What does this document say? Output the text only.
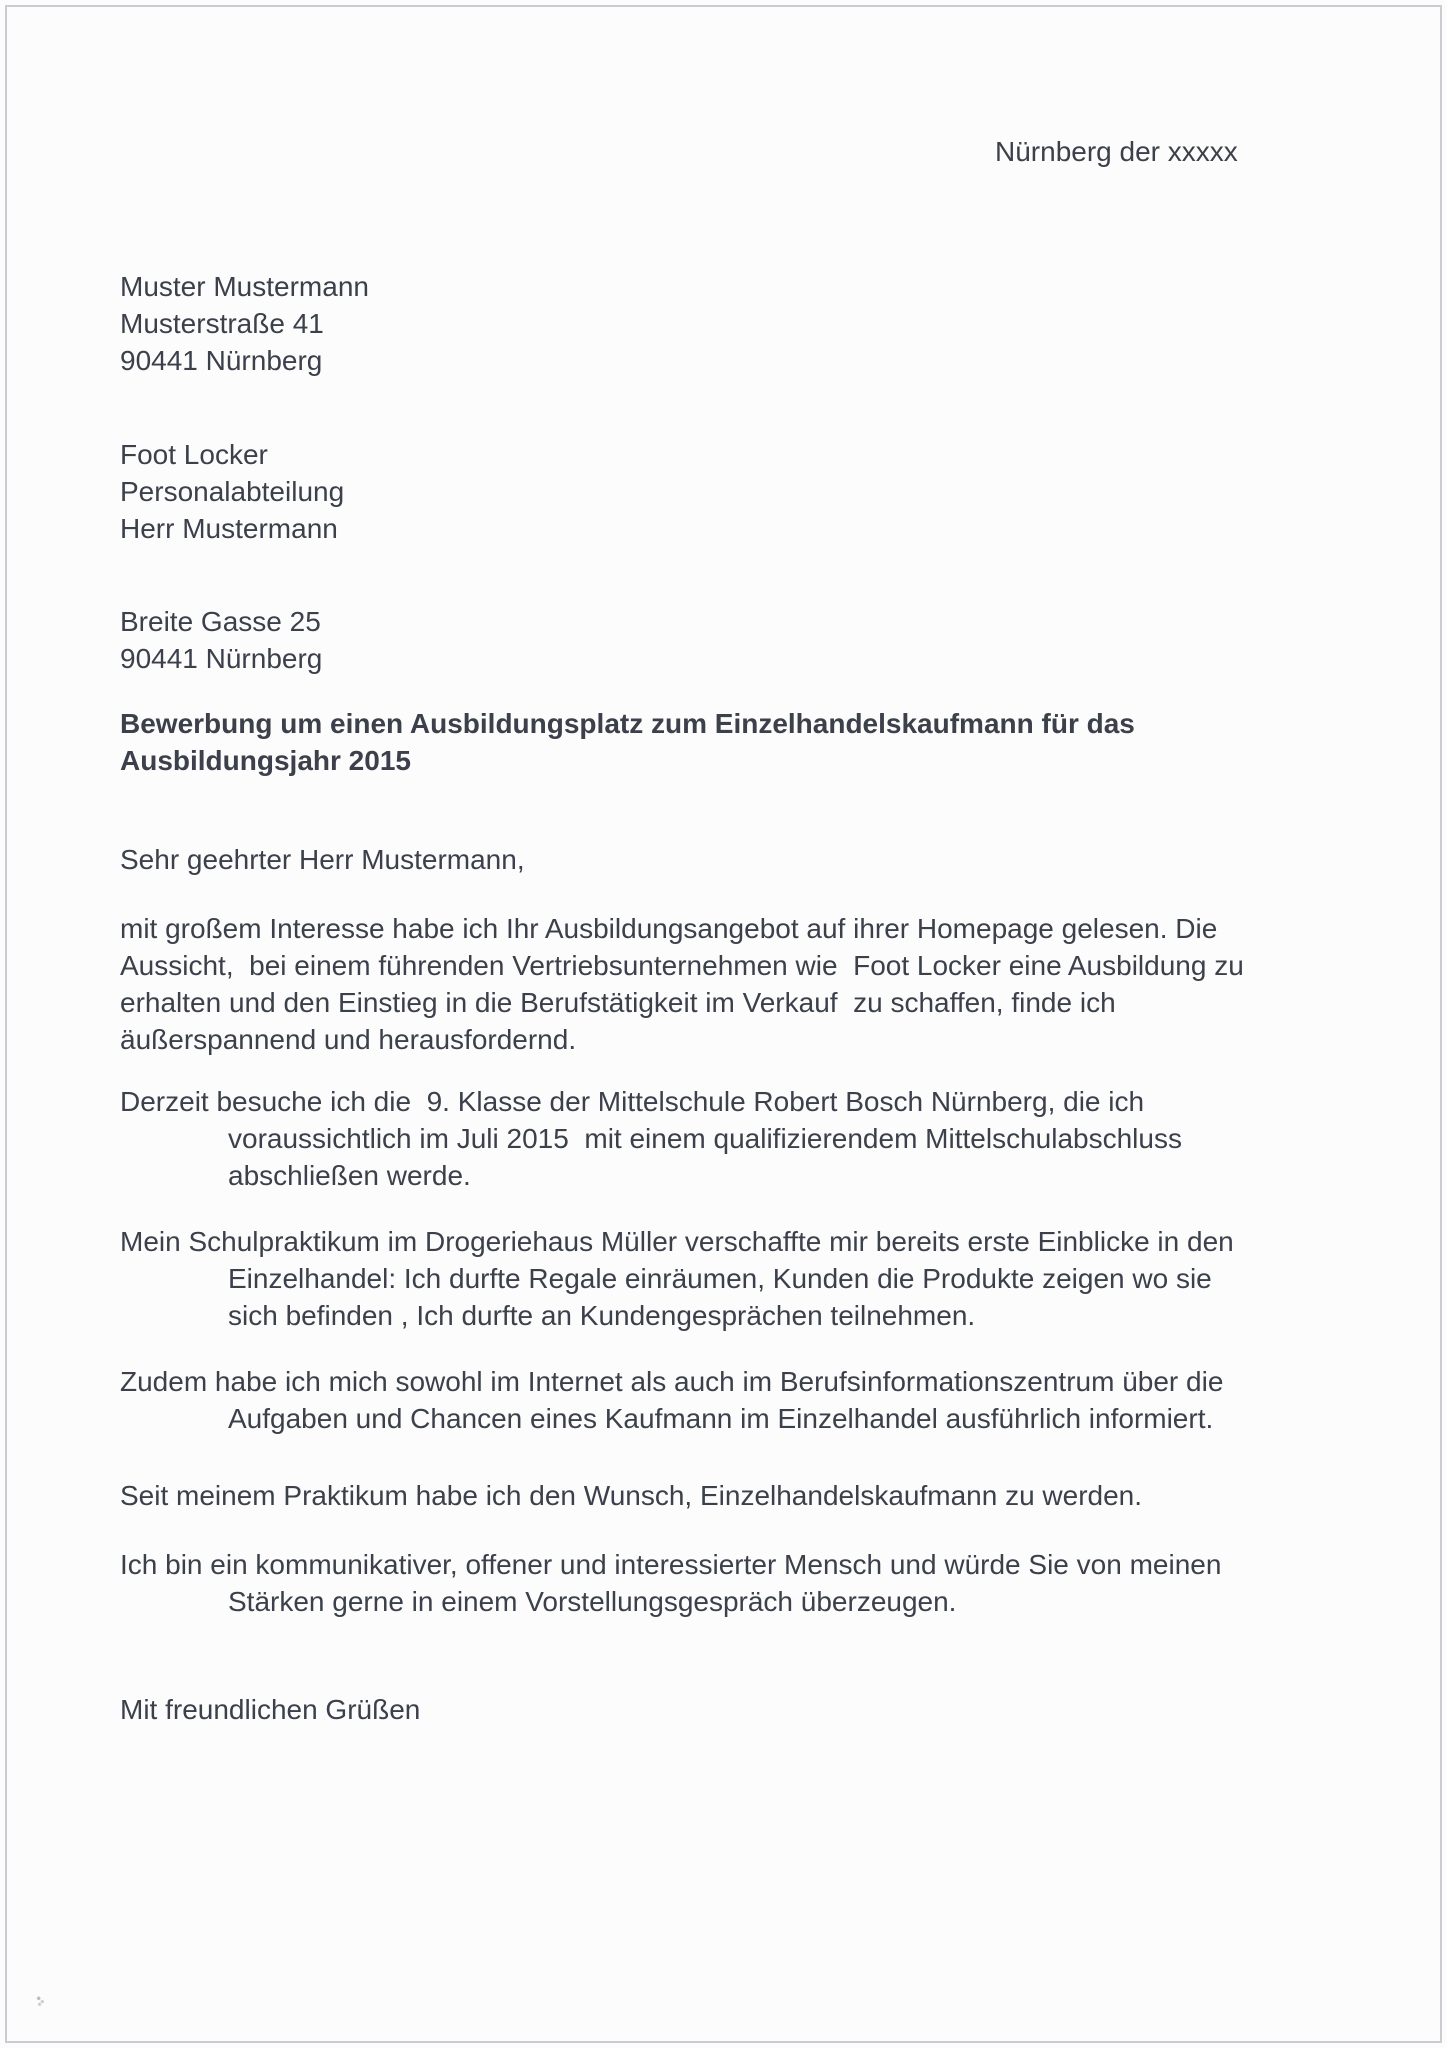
Nürnberg der xxxxx
Muster Mustermann
Musterstraße 41
90441 Nürnberg
Foot Locker
Personalabteilung
Herr Mustermann
Breite Gasse 25
90441 Nürnberg
Bewerbung um einen Ausbildungsplatz zum Einzelhandelskaufmann für das
Ausbildungsjahr 2015
Sehr geehrter Herr Mustermann,
mit großem Interesse habe ich Ihr Ausbildungsangebot auf ihrer Homepage gelesen. Die
Aussicht,  bei einem führenden Vertriebsunternehmen wie  Foot Locker eine Ausbildung zu
erhalten und den Einstieg in die Berufstätigkeit im Verkauf  zu schaffen, finde ich
äußerspannend und herausfordernd.
Derzeit besuche ich die  9. Klasse der Mittelschule Robert Bosch Nürnberg, die ich
voraussichtlich im Juli 2015  mit einem qualifizierendem Mittelschulabschluss
abschließen werde.
Mein Schulpraktikum im Drogeriehaus Müller verschaffte mir bereits erste Einblicke in den
Einzelhandel: Ich durfte Regale einräumen, Kunden die Produkte zeigen wo sie
sich befinden , Ich durfte an Kundengesprächen teilnehmen.
Zudem habe ich mich sowohl im Internet als auch im Berufsinformationszentrum über die
Aufgaben und Chancen eines Kaufmann im Einzelhandel ausführlich informiert.
Seit meinem Praktikum habe ich den Wunsch, Einzelhandelskaufmann zu werden.
Ich bin ein kommunikativer, offener und interessierter Mensch und würde Sie von meinen
Stärken gerne in einem Vorstellungsgespräch überzeugen.
Mit freundlichen Grüßen
